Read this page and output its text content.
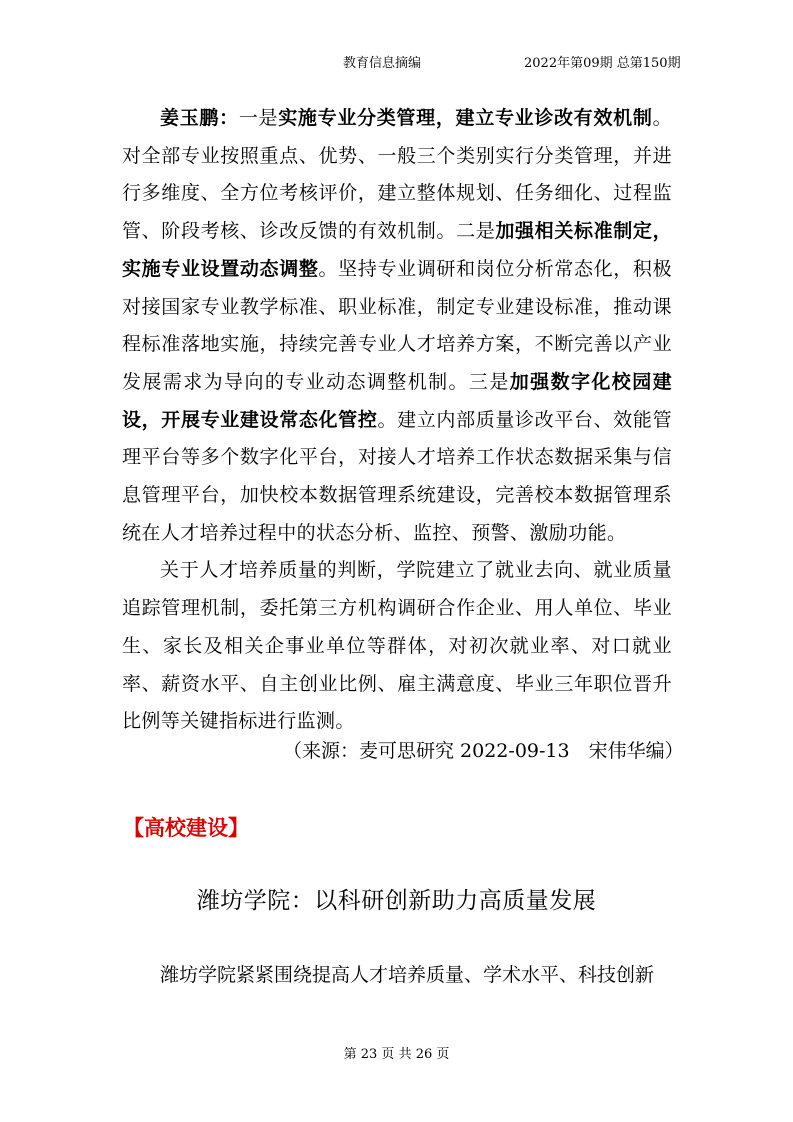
教育信息摘编	2022年第09期 总第150期

姜玉鹏：一是实施专业分类管理，建立专业诊改有效机制。对全部专业按照重点、优势、一般三个类别实行分类管理，并进行多维度、全方位考核评价，建立整体规划、任务细化、过程监管、阶段考核、诊改反馈的有效机制。二是加强相关标准制定，实施专业设置动态调整。坚持专业调研和岗位分析常态化，积极对接国家专业教学标准、职业标准，制定专业建设标准，推动课程标准落地实施，持续完善专业人才培养方案，不断完善以产业发展需求为导向的专业动态调整机制。三是加强数字化校园建设，开展专业建设常态化管控。建立内部质量诊改平台、效能管理平台等多个数字化平台，对接人才培养工作状态数据采集与信息管理平台，加快校本数据管理系统建设，完善校本数据管理系统在人才培养过程中的状态分析、监控、预警、激励功能。

关于人才培养质量的判断，学院建立了就业去向、就业质量追踪管理机制，委托第三方机构调研合作企业、用人单位、毕业生、家长及相关企事业单位等群体，对初次就业率、对口就业率、薪资水平、自主创业比例、雇主满意度、毕业三年职位晋升比例等关键指标进行监测。

（来源：麦可思研究 2022-09-13　宋伟华编）
【高校建设】
潍坊学院：以科研创新助力高质量发展
潍坊学院紧紧围绕提高人才培养质量、学术水平、科技创新
第 23 页 共 26 页
